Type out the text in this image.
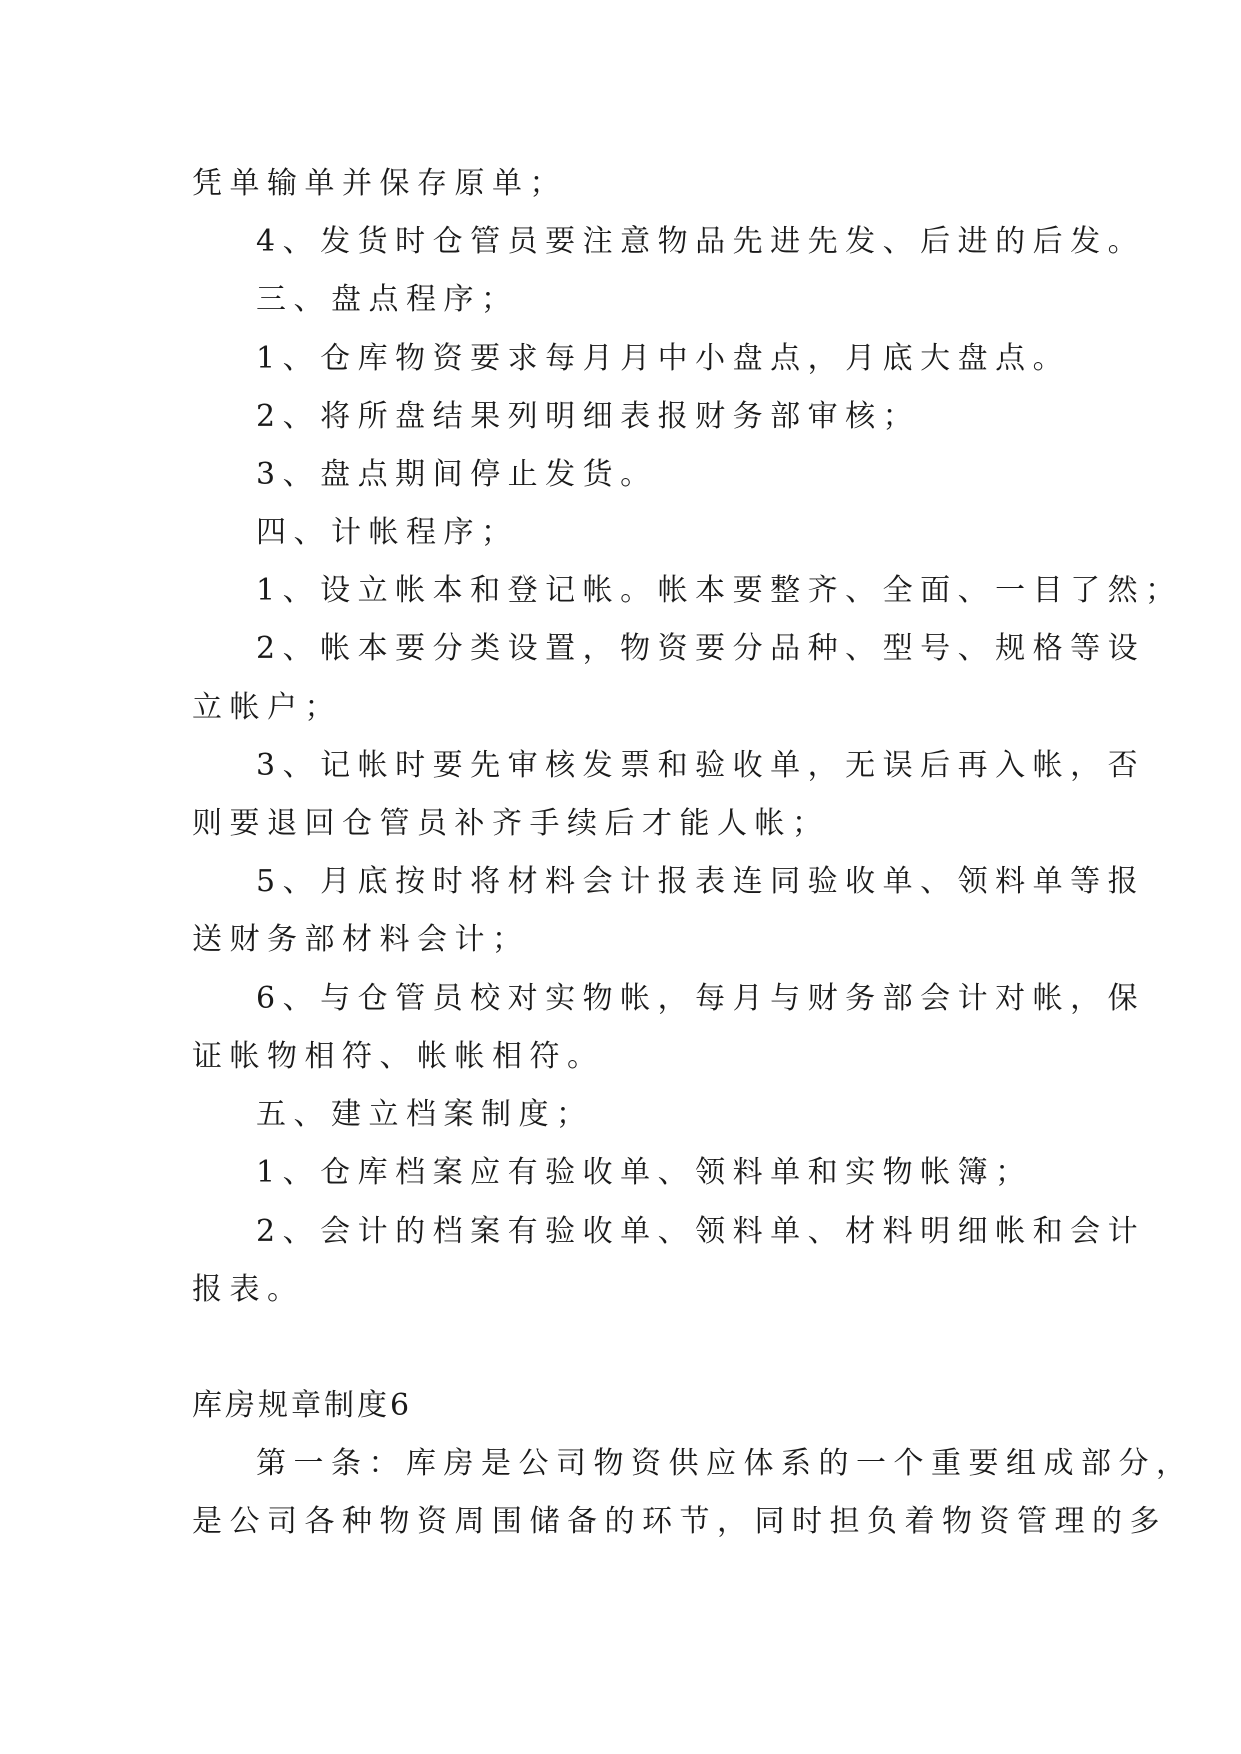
凭单输单并保存原单；
4、发货时仓管员要注意物品先进先发、后进的后发。
三、盘点程序；
1、仓库物资要求每月月中小盘点，月底大盘点。
2、将所盘结果列明细表报财务部审核；
3、盘点期间停止发货。
四、计帐程序；
1、设立帐本和登记帐。帐本要整齐、全面、一目了然；
2、帐本要分类设置，物资要分品种、型号、规格等设
立帐户；
3、记帐时要先审核发票和验收单，无误后再入帐，否
则要退回仓管员补齐手续后才能人帐；
5、月底按时将材料会计报表连同验收单、领料单等报
送财务部材料会计；
6、与仓管员校对实物帐，每月与财务部会计对帐，保
证帐物相符、帐帐相符。
五、建立档案制度；
1、仓库档案应有验收单、领料单和实物帐簿；
2、会计的档案有验收单、领料单、材料明细帐和会计
报表。
库房规章制度6
第一条：库房是公司物资供应体系的一个重要组成部分，
是公司各种物资周围储备的环节，同时担负着物资管理的多
